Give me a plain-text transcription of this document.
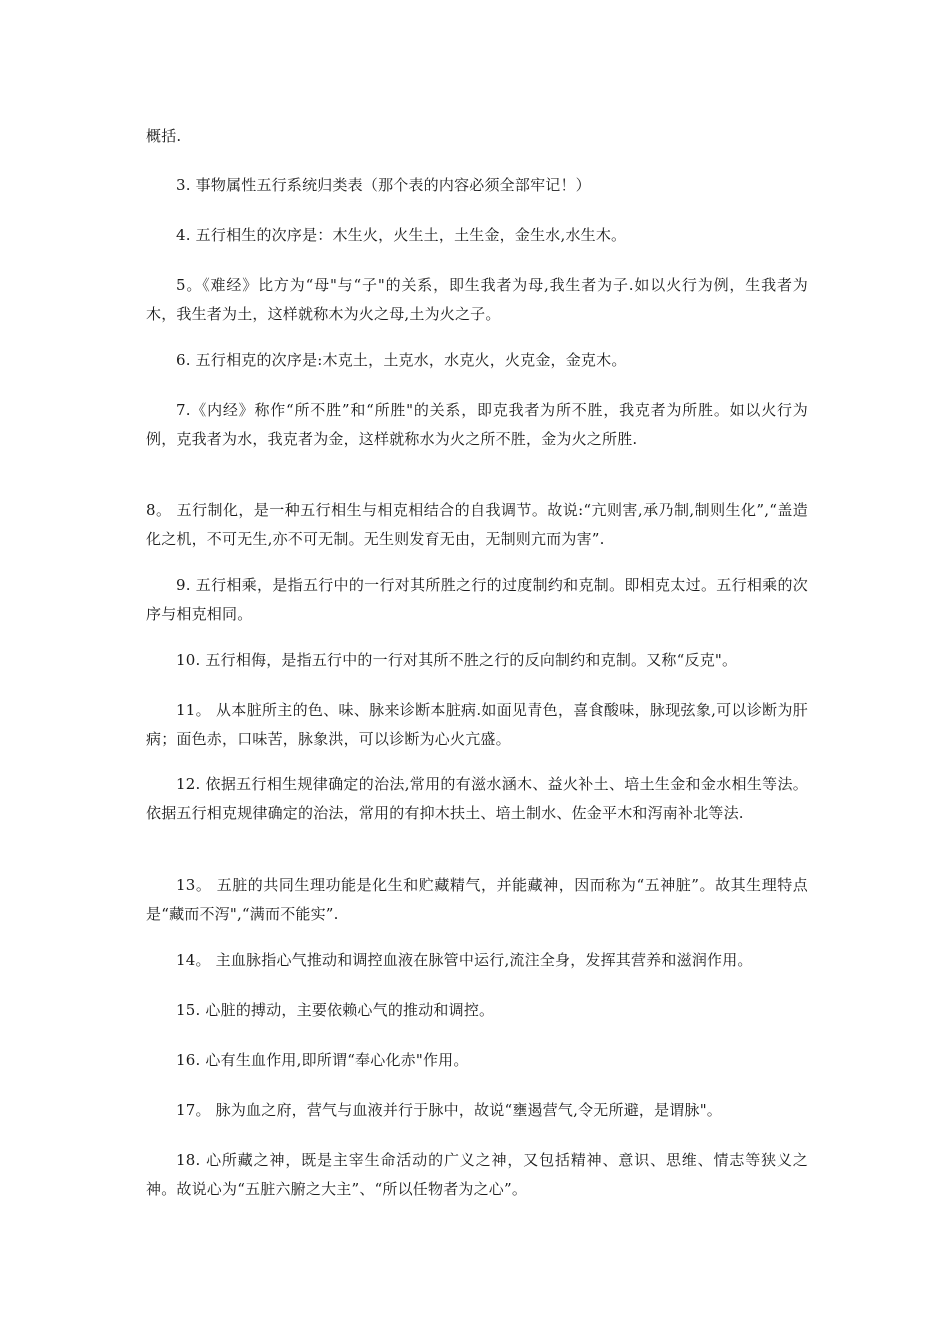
概括.

3. 事物属性五行系统归类表（那个表的内容必须全部牢记！）

4. 五行相生的次序是：木生火，火生土，土生金，金生水,水生木。

5。《难经》比方为“母"与“子"的关系，即生我者为母,我生者为子.如以火行为例，生我者为木，我生者为土，这样就称木为火之母,土为火之子。

6. 五行相克的次序是:木克土，土克水，水克火，火克金，金克木。

7.《内经》称作“所不胜”和“所胜"的关系，即克我者为所不胜，我克者为所胜。如以火行为例，克我者为水，我克者为金，这样就称水为火之所不胜，金为火之所胜.

8。 五行制化，是一种五行相生与相克相结合的自我调节。故说:“亢则害,承乃制,制则生化”,“盖造化之机，不可无生,亦不可无制。无生则发育无由，无制则亢而为害”.

9. 五行相乘，是指五行中的一行对其所胜之行的过度制约和克制。即相克太过。五行相乘的次序与相克相同。

10. 五行相侮，是指五行中的一行对其所不胜之行的反向制约和克制。又称“反克"。

11。 从本脏所主的色、味、脉来诊断本脏病.如面见青色，喜食酸味，脉现弦象,可以诊断为肝病；面色赤，口味苦，脉象洪，可以诊断为心火亢盛。

12. 依据五行相生规律确定的治法,常用的有滋水涵木、益火补土、培土生金和金水相生等法。依据五行相克规律确定的治法，常用的有抑木扶土、培土制水、佐金平木和泻南补北等法.

13。 五脏的共同生理功能是化生和贮藏精气，并能藏神，因而称为“五神脏”。故其生理特点是“藏而不泻",“满而不能实”.

14。 主血脉指心气推动和调控血液在脉管中运行,流注全身，发挥其营养和滋润作用。

15. 心脏的搏动，主要依赖心气的推动和调控。

16. 心有生血作用,即所谓“奉心化赤"作用。

17。 脉为血之府，营气与血液并行于脉中，故说“壅遏营气,令无所避，是谓脉"。

18. 心所藏之神，既是主宰生命活动的广义之神，又包括精神、意识、思维、情志等狭义之神。故说心为“五脏六腑之大主”、“所以任物者为之心”。
